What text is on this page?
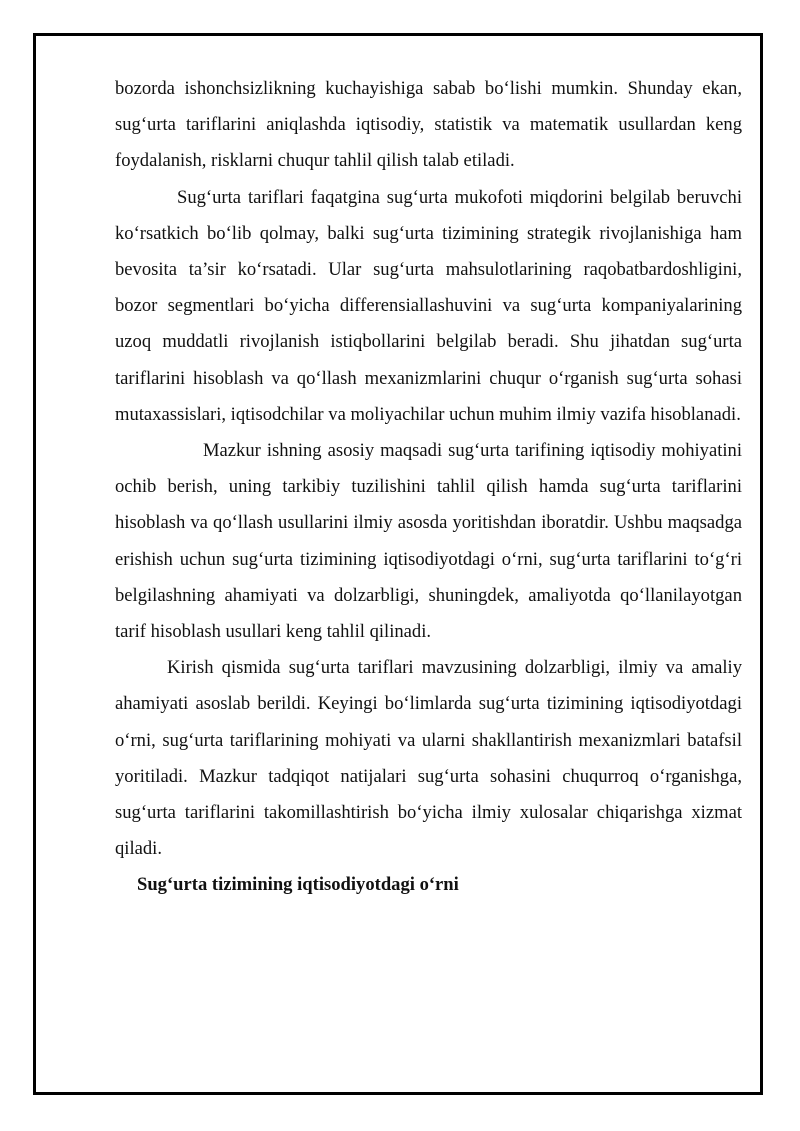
bozorda ishonchsizlikning kuchayishiga sabab bo‘lishi mumkin. Shunday ekan, sug‘urta tariflarini aniqlashda iqtisodiy, statistik va matematik usullardan keng foydalanish, risklarni chuqur tahlil qilish talab etiladi.

Sug‘urta tariflari faqatgina sug‘urta mukofoti miqdorini belgilab beruvchi ko‘rsatkich bo‘lib qolmay, balki sug‘urta tizimining strategik rivojlanishiga ham bevosita ta’sir ko‘rsatadi. Ular sug‘urta mahsulotlarining raqobatbardoshligini, bozor segmentlari bo‘yicha differensiallashuvini va sug‘urta kompaniyalarining uzoq muddatli rivojlanish istiqbollarini belgilab beradi. Shu jihatdan sug‘urta tariflarini hisoblash va qo‘llash mexanizmlarini chuqur o‘rganish sug‘urta sohasi mutaxassislari, iqtisodchilar va moliyachilar uchun muhim ilmiy vazifa hisoblanadi.

Mazkur ishning asosiy maqsadi sug‘urta tarifining iqtisodiy mohiyatini ochib berish, uning tarkibiy tuzilishini tahlil qilish hamda sug‘urta tariflarini hisoblash va qo‘llash usullarini ilmiy asosda yoritishdan iboratdir. Ushbu maqsadga erishish uchun sug‘urta tizimining iqtisodiyotdagi o‘rni, sug‘urta tariflarini to‘g‘ri belgilashning ahamiyati va dolzarbligi, shuningdek, amaliyotda qo‘llanilayotgan tarif hisoblash usullari keng tahlil qilinadi.

Kirish qismida sug‘urta tariflari mavzusining dolzarbligi, ilmiy va amaliy ahamiyati asoslab berildi. Keyingi bo‘limlarda sug‘urta tizimining iqtisodiyotdagi o‘rni, sug‘urta tariflarining mohiyati va ularni shakllantirish mexanizmlari batafsil yoritiladi. Mazkur tadqiqot natijalari sug‘urta sohasini chuqurroq o‘rganishga, sug‘urta tariflarini takomillashtirish bo‘yicha ilmiy xulosalar chiqarishga xizmat qiladi.

Sug‘urta tizimining iqtisodiyotdagi o‘rni
